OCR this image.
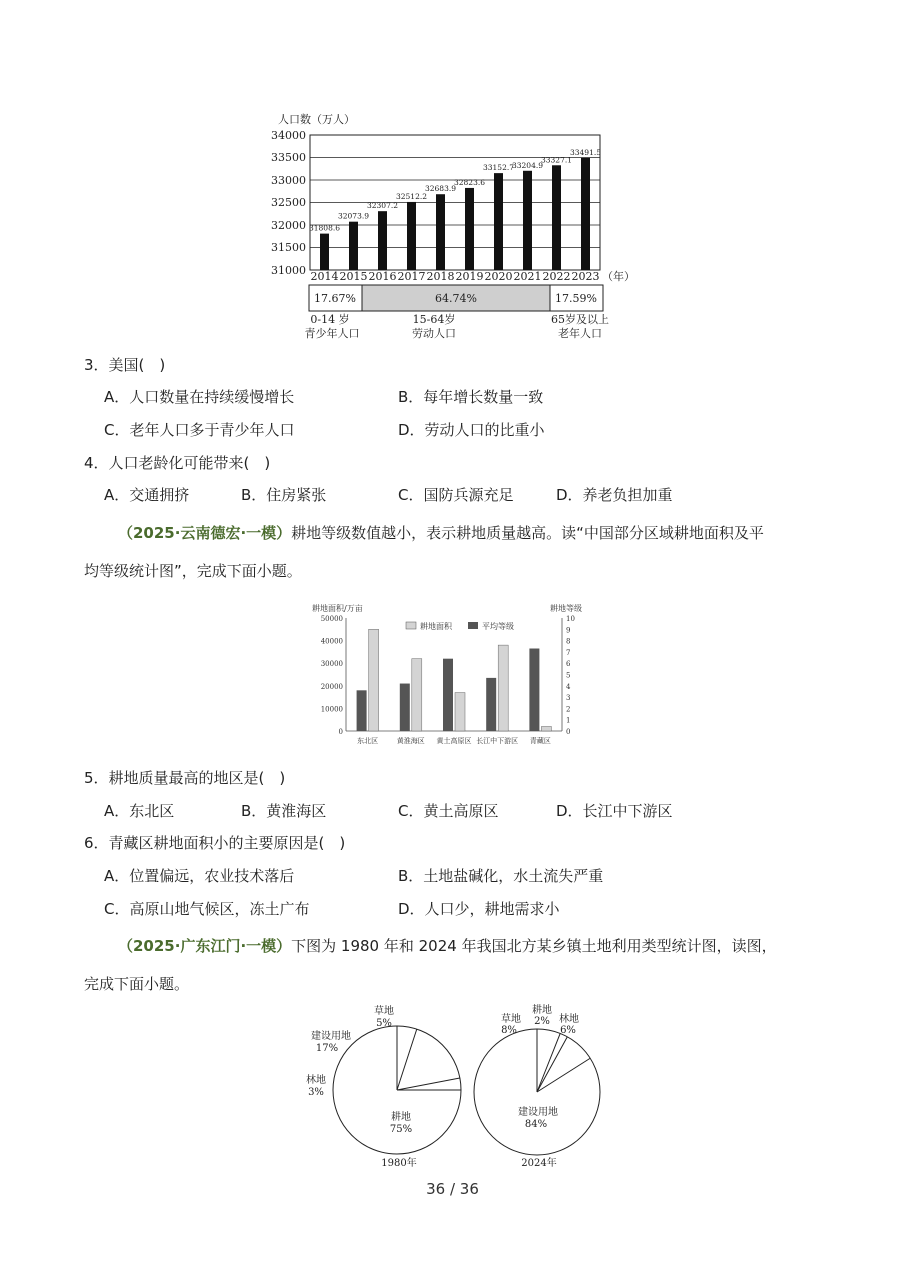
人口数（万人）
34000
33500
33000
32500
32000
31500
31000
31808.6
32073.9
32307.2
32512.2
32683.9
32823.6
33152.7
33204.9
33327.1
33491.5
2014 2015 2016 2017 2018 2019 2020 2021 2022 2023 （年）
17.67%	64.74%	17.59%
0-14 岁
青少年人口
15-64岁
劳动人口
65岁及以上
老年人口
3．美国(　)
A．人口数量在持续缓慢增长	B．每年增长数量一致
C．老年人口多于青少年人口	D．劳动人口的比重小
4．人口老龄化可能带来(　)
A．交通拥挤	B．住房紧张	C．国防兵源充足	D．养老负担加重
（2025·云南德宏·一模）耕地等级数值越小，表示耕地质量越高。读“中国部分区域耕地面积及平
均等级统计图”，完成下面小题。
耕地面积/万亩	耕地等级
50000
40000
30000
20000
10000
0
10
9
8
7
6
5
4
3
2
1
0
耕地面积	平均等级
东北区	黄淮海区 黄土高原区 长江中下游区 青藏区
5．耕地质量最高的地区是(　)
A．东北区	B．黄淮海区	C．黄土高原区	D．长江中下游区
6．青藏区耕地面积小的主要原因是(　)
A．位置偏远，农业技术落后	B．土地盐碱化，水土流失严重
C．高原山地气候区，冻土广布	D．人口少，耕地需求小
（2025·广东江门·一模）下图为 1980 年和 2024 年我国北方某乡镇土地利用类型统计图，读图，
完成下面小题。
草地
5%
建设用地
17%
林地
3%
耕地
75%
1980年
耕地
2%
草地
8%
林地
6%
建设用地
84%
2024年
36 / 36
